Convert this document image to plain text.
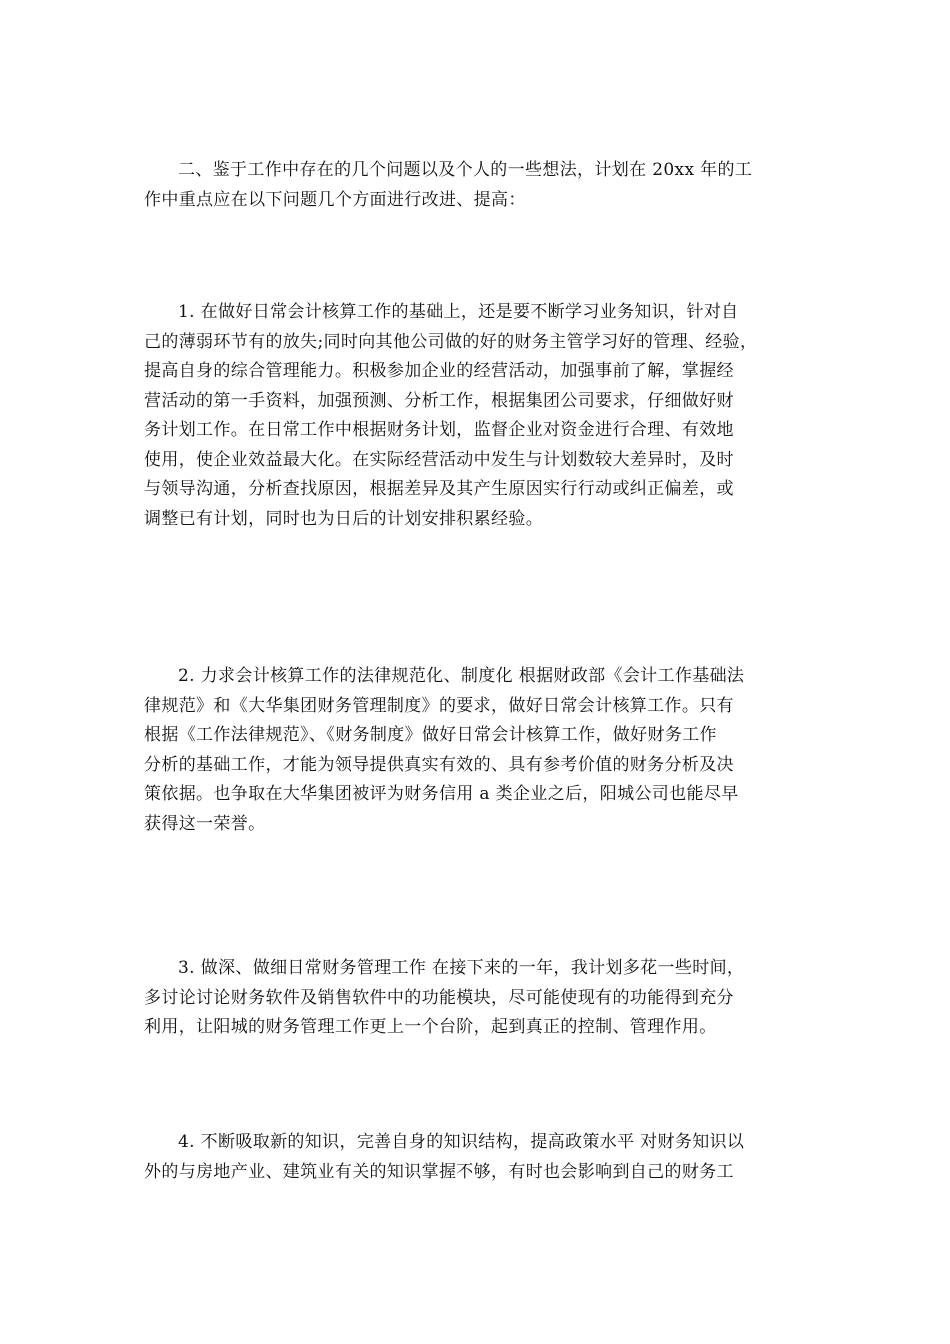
二、鉴于工作中存在的几个问题以及个人的一些想法，计划在 20xx 年的工
作中重点应在以下问题几个方面进行改进、提高：
1. 在做好日常会计核算工作的基础上，还是要不断学习业务知识，针对自
己的薄弱环节有的放失;同时向其他公司做的好的财务主管学习好的管理、经验，
提高自身的综合管理能力。积极参加企业的经营活动，加强事前了解，掌握经
营活动的第一手资料，加强预测、分析工作，根据集团公司要求，仔细做好财
务计划工作。在日常工作中根据财务计划，监督企业对资金进行合理、有效地
使用，使企业效益最大化。在实际经营活动中发生与计划数较大差异时，及时
与领导沟通，分析查找原因，根据差异及其产生原因实行行动或纠正偏差，或
调整已有计划，同时也为日后的计划安排积累经验。
2. 力求会计核算工作的法律规范化、制度化 根据财政部《会计工作基础法
律规范》和《大华集团财务管理制度》的要求，做好日常会计核算工作。只有
根据《工作法律规范》、《财务制度》做好日常会计核算工作，做好财务工作
分析的基础工作，才能为领导提供真实有效的、具有参考价值的财务分析及决
策依据。也争取在大华集团被评为财务信用 a 类企业之后，阳城公司也能尽早
获得这一荣誉。
3. 做深、做细日常财务管理工作 在接下来的一年，我计划多花一些时间，
多讨论讨论财务软件及销售软件中的功能模块，尽可能使现有的功能得到充分
利用，让阳城的财务管理工作更上一个台阶，起到真正的控制、管理作用。
4. 不断吸取新的知识，完善自身的知识结构，提高政策水平 对财务知识以
外的与房地产业、建筑业有关的知识掌握不够，有时也会影响到自己的财务工
